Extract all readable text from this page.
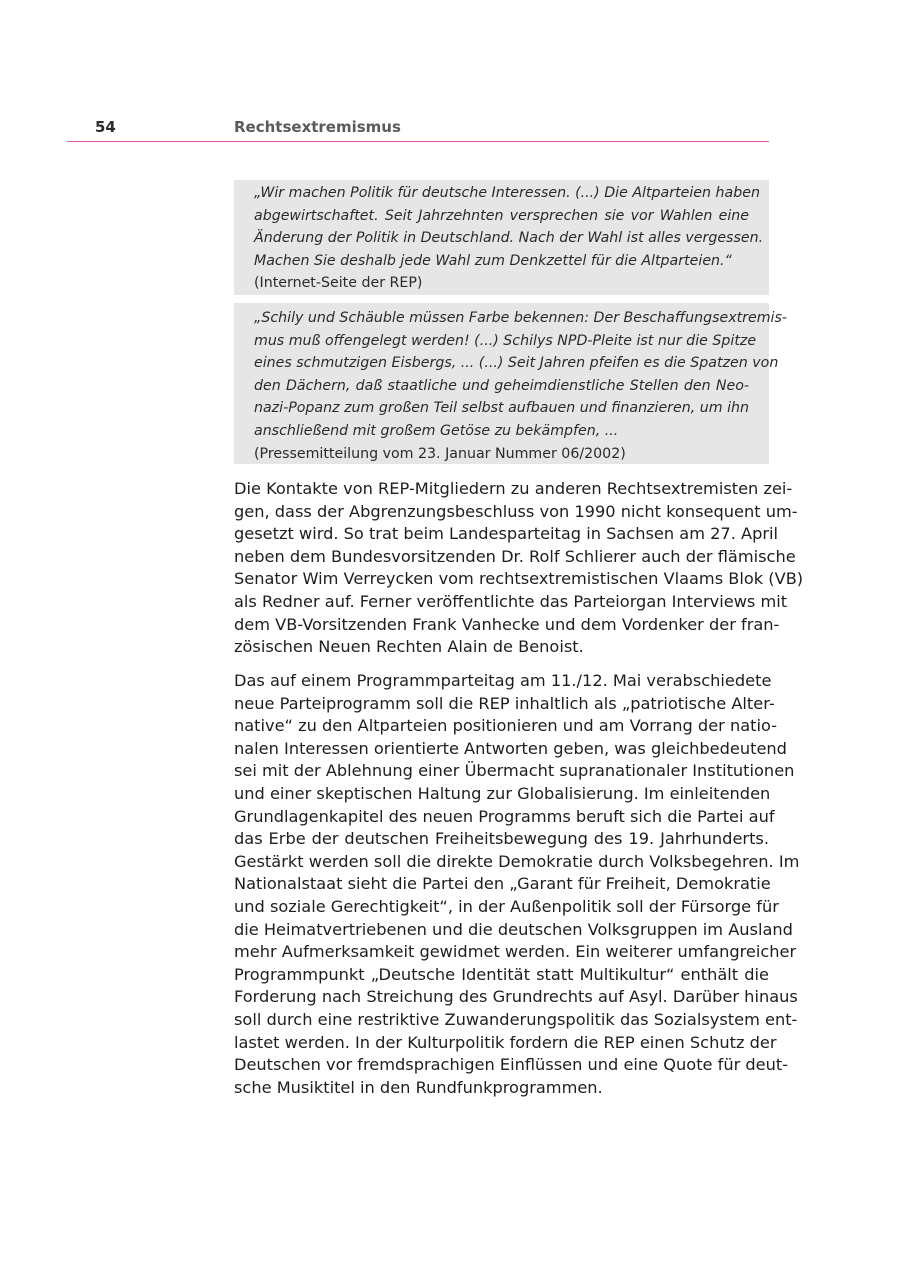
54	Rechtsextremismus
„Wir machen Politik für deutsche Interessen. (...) Die Altparteien haben
abgewirtschaftet. Seit Jahrzehnten versprechen sie vor Wahlen eine
Änderung der Politik in Deutschland. Nach der Wahl ist alles vergessen.
Machen Sie deshalb jede Wahl zum Denkzettel für die Altparteien.“
(Internet-Seite der REP)
„Schily und Schäuble müssen Farbe bekennen: Der Beschaffungsextremis-
mus muß offengelegt werden! (...) Schilys NPD-Pleite ist nur die Spitze
eines schmutzigen Eisbergs, ... (...) Seit Jahren pfeifen es die Spatzen von
den Dächern, daß staatliche und geheimdienstliche Stellen den Neo-
nazi-Popanz zum großen Teil selbst aufbauen und finanzieren, um ihn
anschließend mit großem Getöse zu bekämpfen, ...
(Pressemitteilung vom 23. Januar Nummer 06/2002)
Die Kontakte von REP-Mitgliedern zu anderen Rechtsextremisten zei-
gen, dass der Abgrenzungsbeschluss von 1990 nicht konsequent um-
gesetzt wird. So trat beim Landesparteitag in Sachsen am 27. April
neben dem Bundesvorsitzenden Dr. Rolf Schlierer auch der flämische
Senator Wim Verreycken vom rechtsextremistischen Vlaams Blok (VB)
als Redner auf. Ferner veröffentlichte das Parteiorgan Interviews mit
dem VB-Vorsitzenden Frank Vanhecke und dem Vordenker der fran-
zösischen Neuen Rechten Alain de Benoist.
Das auf einem Programmparteitag am 11./12. Mai verabschiedete
neue Parteiprogramm soll die REP inhaltlich als „patriotische Alter-
native“ zu den Altparteien positionieren und am Vorrang der natio-
nalen Interessen orientierte Antworten geben, was gleichbedeutend
sei mit der Ablehnung einer Übermacht supranationaler Institutionen
und einer skeptischen Haltung zur Globalisierung. Im einleitenden
Grundlagenkapitel des neuen Programms beruft sich die Partei auf
das Erbe der deutschen Freiheitsbewegung des 19. Jahrhunderts.
Gestärkt werden soll die direkte Demokratie durch Volksbegehren. Im
Nationalstaat sieht die Partei den „Garant für Freiheit, Demokratie
und soziale Gerechtigkeit“, in der Außenpolitik soll der Fürsorge für
die Heimatvertriebenen und die deutschen Volksgruppen im Ausland
mehr Aufmerksamkeit gewidmet werden. Ein weiterer umfangreicher
Programmpunkt „Deutsche Identität statt Multikultur“ enthält die
Forderung nach Streichung des Grundrechts auf Asyl. Darüber hinaus
soll durch eine restriktive Zuwanderungspolitik das Sozialsystem ent-
lastet werden. In der Kulturpolitik fordern die REP einen Schutz der
Deutschen vor fremdsprachigen Einflüssen und eine Quote für deut-
sche Musiktitel in den Rundfunkprogrammen.
